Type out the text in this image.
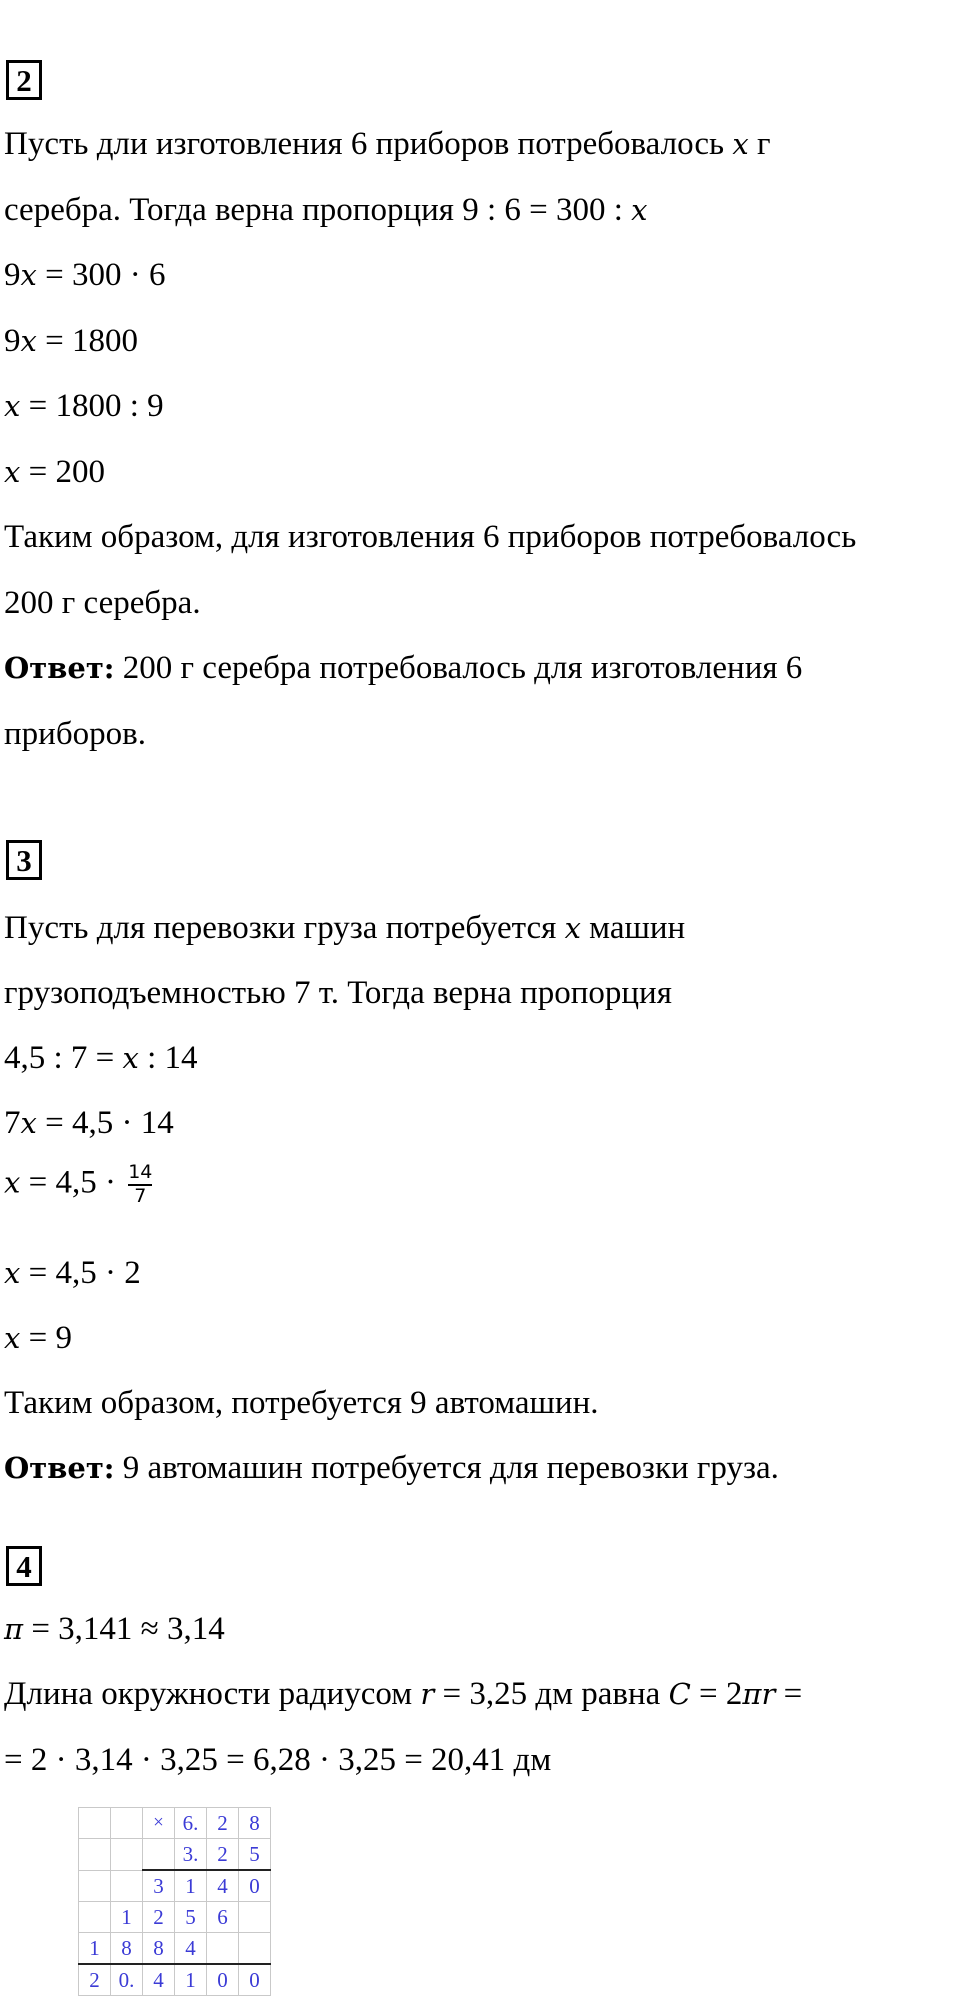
2
Пусть дли изготовления 6 приборов потребовалось x г
серебра. Тогда верна пропорция 9 : 6 = 300 : x
9x = 300 · 6
9x = 1800
x = 1800 : 9
x = 200
Таким образом, для изготовления 6 приборов потребовалось
200 г серебра.
Ответ: 200 г серебра потребовалось для изготовления 6
приборов.
3
Пусть для перевозки груза потребуется x машин
грузоподъемностью 7 т. Тогда верна пропорция
4,5 : 7 = x : 14
7x = 4,5 · 14
$x = 4,5 \cdot \frac{14}{7}$
x = 4,5 · 2
x = 9
Таким образом, потребуется 9 автомашин.
Ответ: 9 автомашин потребуется для перевозки груза.
4
π = 3,141 ≈ 3,14
Длина окружности радиусом r = 3,25 дм равна C = 2πr =
= 2 · 3,14 · 3,25 = 6,28 · 3,25 = 20,41 дм
		×	6.	2	8
			3.	2	5
		3	1	4	0
	1	2	5	6	
1	8	8	4		
2	0.	4	1	0	0
